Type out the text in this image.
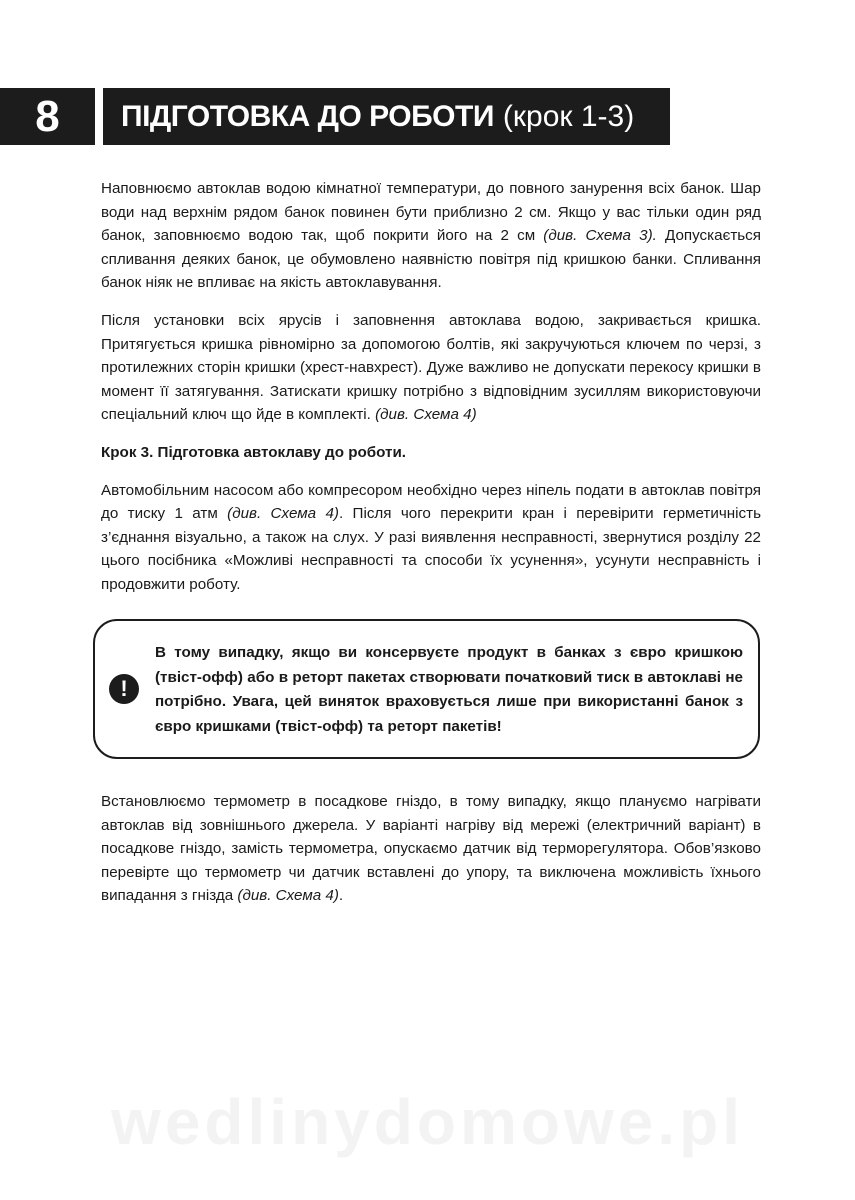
8	ПІДГОТОВКА ДО РОБОТИ (крок 1-3)

Наповнюємо автоклав водою кімнатної температури, до повного занурення всіх банок. Шар води над верхнім рядом банок повинен бути приблизно 2 см. Якщо у вас тільки один ряд банок, заповнюємо водою так, щоб покрити його на 2 см (див. Схема 3). Допускається спливання деяких банок, це обумовлено наявністю повітря під кришкою банки. Спливання банок ніяк не впливає на якість автоклавування.

Після установки всіх ярусів і заповнення автоклава водою, закривається кришка. Притягується кришка рівномірно за допомогою болтів, які закручуються ключем по черзі, з протилежних сторін кришки (хрест-навхрест). Дуже важливо не допускати перекосу кришки в момент її затягування. Затискати кришку потрібно з відповідним зусиллям використовуючи спеціальний ключ що йде в комплекті. (див. Схема 4)

Крок 3. Підготовка автоклаву до роботи.

Автомобільним насосом або компресором необхідно через ніпель подати в автоклав повітря до тиску 1 атм (див. Схема 4). Після чого перекрити кран і перевірити герметичність з’єднання візуально, а також на слух. У разі виявлення несправності, звернутися розділу 22 цього посібника «Можливі несправності та способи їх усунення», усунути несправність і продовжити роботу.

!
В тому випадку, якщо ви консервуєте продукт в банках з євро кришкою (твіст-офф) або в реторт пакетах створювати початковий тиск в автоклаві не потрібно. Увага, цей виняток враховується лише при використанні банок з євро кришками (твіст-офф) та реторт пакетів!

Встановлюємо термометр в посадкове гніздо, в тому випадку, якщо плануємо нагрівати автоклав від зовнішнього джерела. У варіанті нагріву від мережі (електричний варіант) в посадкове гніздо, замість термометра, опускаємо датчик від терморегулятора. Обов’язково перевірте що термометр чи датчик вставлені до упору, та виключена можливість їхнього випадання з гнізда (див. Схема 4).

wedlinydomowe.pl
